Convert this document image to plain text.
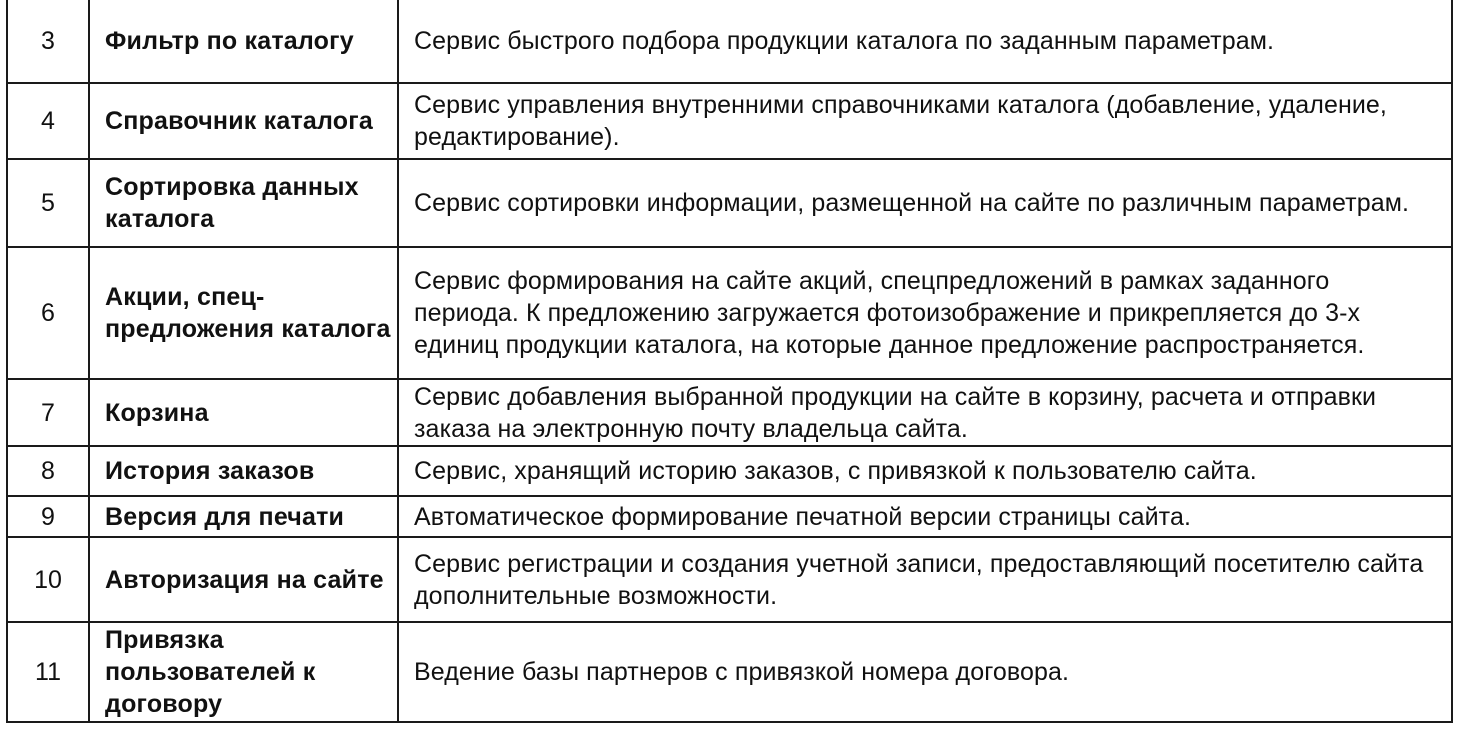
3	Фильтр по каталогу	Сервис быстрого подбора продукции каталога по заданным параметрам.
4	Справочник каталога	Сервис управления внутренними справочниками каталога (добавление, удаление, редактирование).
5	Сортировка данных каталога	Сервис сортировки информации, размещенной на сайте по различным параметрам.
6	Акции, спец-предложения каталога	Сервис формирования на сайте акций, спецпредложений в рамках заданного периода. К предложению загружается фотоизображение и прикрепляется до 3-х единиц продукции каталога, на которые данное предложение распространяется.
7	Корзина	Сервис добавления выбранной продукции на сайте в корзину, расчета и отправки заказа на электронную почту владельца сайта.
8	История заказов	Сервис, хранящий историю заказов, с привязкой к пользователю сайта.
9	Версия для печати	Автоматическое формирование печатной версии страницы сайта.
10	Авторизация на сайте	Сервис регистрации и создания учетной записи, предоставляющий посетителю сайта дополнительные возможности.
11	Привязка пользователей к договору	Ведение базы партнеров с привязкой номера договора.
